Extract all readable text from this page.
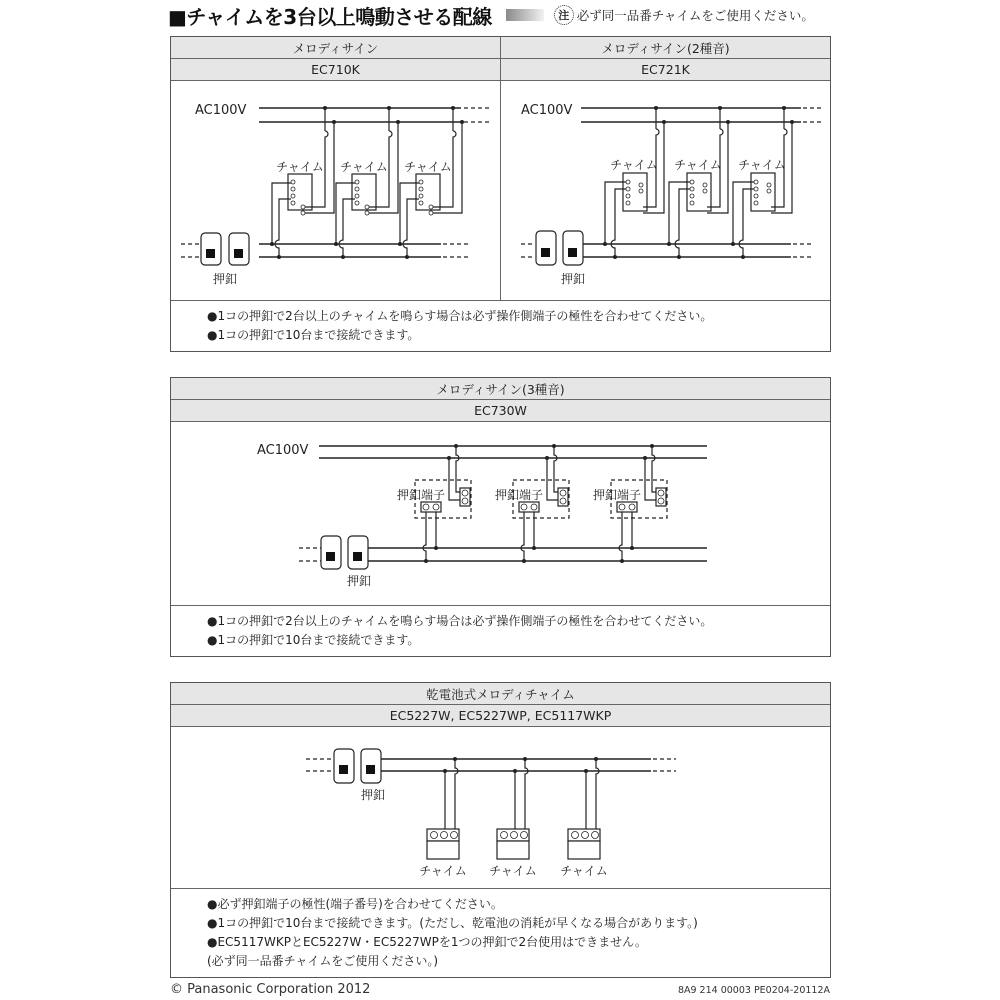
■チャイムを3台以上鳴動させる配線	注 必ず同一品番チャイムをご使用ください。
メロディサイン	メロディサイン(2種音)
EC710K	EC721K
AC100V
押釦
チャイム チャイム チャイム
AC100V
押釦
チャイム チャイム チャイム
●1コの押釦で2台以上のチャイムを鳴らす場合は必ず操作側端子の極性を合わせてください。
●1コの押釦で10台まで接続できます。
メロディサイン(3種音)
EC730W
AC100V
押釦
押釦端子	押釦端子	押釦端子
●1コの押釦で2台以上のチャイムを鳴らす場合は必ず操作側端子の極性を合わせてください。
●1コの押釦で10台まで接続できます。
乾電池式メロディチャイム
EC5227W, EC5227WP, EC5117WKP
押釦
チャイム チャイム チャイム
●必ず押釦端子の極性(端子番号)を合わせてください。
●1コの押釦で10台まで接続できます。(ただし、乾電池の消耗が早くなる場合があります。)
●EC5117WKPとEC5227W・EC5227WPを1つの押釦で2台使用はできません。
(必ず同一品番チャイムをご使用ください。)
© Panasonic Corporation 2012	8A9 214 00003 PE0204-20112A
